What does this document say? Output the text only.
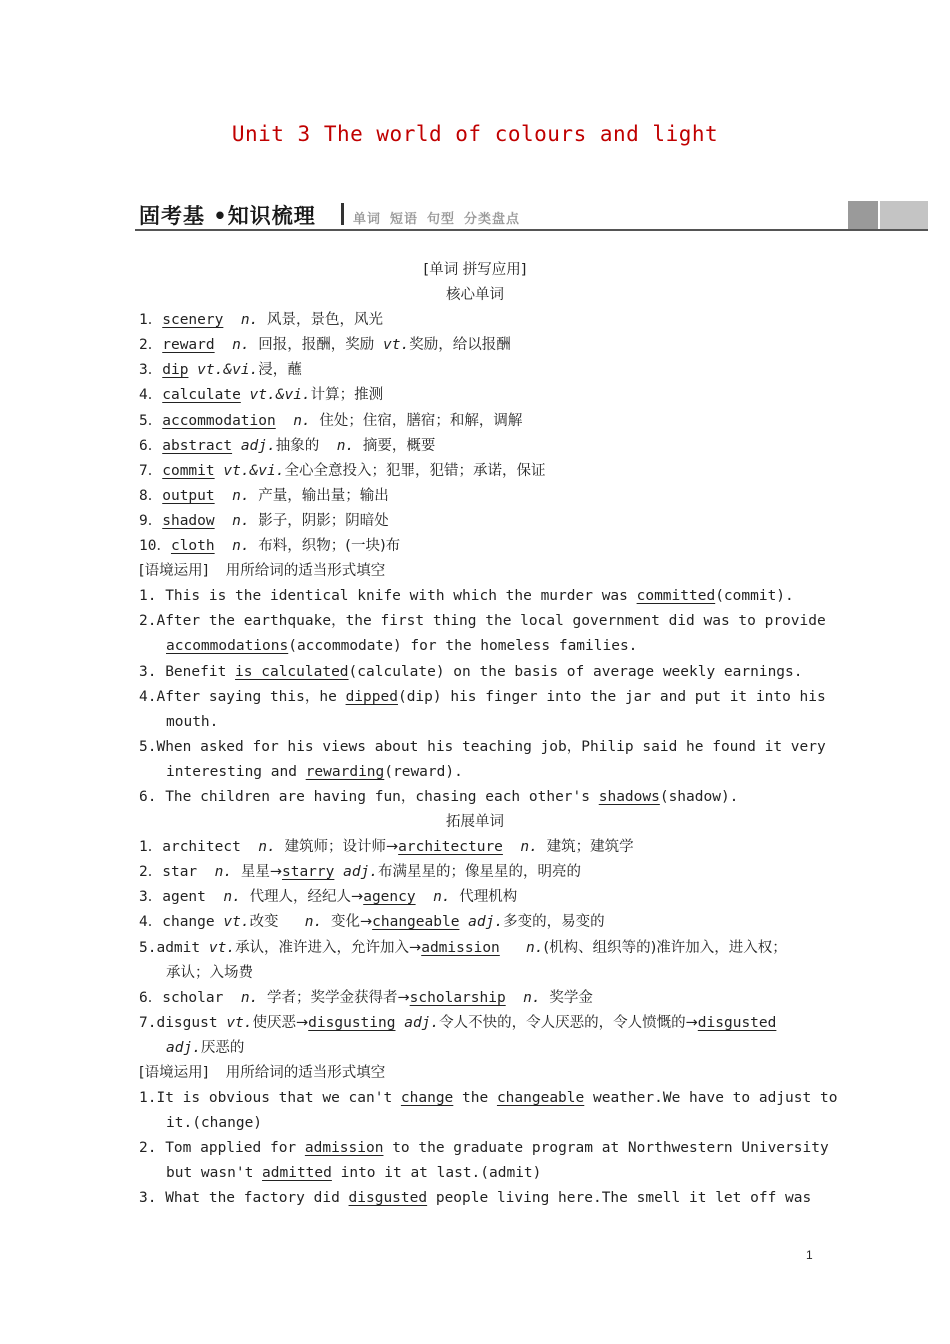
Unit 3 The world of colours and light
固考基 •知识梳理	单词 短语 句型 分类盘点
[单词 拼写应用]
核心单词
1．scenery n. 风景，景色，风光
2．reward n. 回报，报酬，奖励 vt.奖励，给以报酬
3．dip vt.&vi.浸，蘸
4．calculate vt.&vi.计算；推测
5．accommodation n. 住处；住宿，膳宿；和解，调解
6．abstract adj.抽象的 n. 摘要，概要
7．commit vt.&vi.全心全意投入；犯罪，犯错；承诺，保证
8．output n. 产量，输出量；输出
9．shadow n. 影子，阴影；阴暗处
10．cloth n. 布料，织物；(一块)布
[语境运用] 用所给词的适当形式填空
1. This is the identical knife with which the murder was committed(commit).
2.After the earthquake，the first thing the local government did was to provide
accommodations(accommodate) for the homeless families.
3. Benefit is calculated(calculate) on the basis of average weekly earnings.
4.After saying this，he dipped(dip) his finger into the jar and put it into his
mouth.
5.When asked for his views about his teaching job，Philip said he found it very
interesting and rewarding(reward).
6. The children are having fun，chasing each other's shadows(shadow).
拓展单词
1．architect n. 建筑师；设计师→architecture n. 建筑；建筑学
2．star n. 星星→starry adj.布满星星的；像星星的，明亮的
3．agent n. 代理人，经纪人→agency n. 代理机构
4．change vt.改变 n. 变化→changeable adj.多变的，易变的
5.admit vt.承认，准许进入，允许加入→admission n.(机构、组织等的)准许加入，进入权；
承认；入场费
6．scholar n. 学者；奖学金获得者→scholarship n. 奖学金
7.disgust vt.使厌恶→disgusting adj.令人不快的，令人厌恶的，令人愤慨的→disgusted
adj.厌恶的
[语境运用] 用所给词的适当形式填空
1.It is obvious that we can't change the changeable weather.We have to adjust to
it.(change)
2. Tom applied for admission to the graduate program at Northwestern University
but wasn't admitted into it at last.(admit)
3. What the factory did disgusted people living here.The smell it let off was
1
